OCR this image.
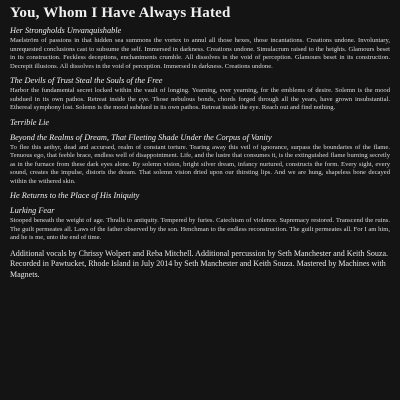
You, Whom I Have Always Hated
Her Strongholds Unvanquishable

Maelström of passions in that hidden sea summons the vortex to annul all those hexes, those incantations. Creations undone. Involuntary, unrequested conclusions cast to subsume the self. Immersed in darkness. Creations undone. Simulacrum raised to the heights. Glamours beset in its construction. Feckless deceptions, enchantments crumble. All dissolves in the void of perception. Glamours beset in its construction. Decrepit illusions. All dissolves in the void of perception. Immersed in darkness. Creations undone.

The Devils of Trust Steal the Souls of the Free

Harbor the fundamental secret locked within the vault of longing. Yearning, ever yearning, for the emblems of desire. Solemn is the mood subdued in its own pathos. Retreat inside the eye. Those nebulous bonds, chords forged through all the years, have grown insubstantial. Ethereal symphony lost. Solemn is the mood subdued in its own pathos. Retreat inside the eye. Reach out and find nothing.

Terrible Lie
Beyond the Realms of Dream, That Fleeting Shade Under the Corpus of Vanity

To flee this aethyr, dead and accursed, realm of constant torture. Tearing away this veil of ignorance, surpass the boundaries of the flame. Tenuous ego, that feeble brace, endless well of disappointment. Life, and the lustre that consumes it, is the extinguished flame burning secretly as in the furnace from these dark eyes alone. By solemn vision, bright silver dream, infancy nurtured, constructs the form. Every sight, every sound, creates the impulse, distorts the dream. That solemn vision dried upon our thirsting lips. And we are hung, shapeless bone decayed within the withered skin.

He Returns to the Place of His Iniquity
Lurking Fear

Stooped beneath the weight of age. Thralls to antiquity. Tempered by furies. Catechism of violence. Supremacy restored. Transcend the ruins. The guilt permeates all. Laws of the father observed by the son. Henchman to the endless reconstruction. The guilt permeates all. For I am him, and he is me, unto the end of time.

Additional vocals by Chrissy Wolpert and Reba Mitchell. Additional percussion by Seth Manchester and Keith Souza. Recorded in Pawtucket, Rhode Island in July 2014 by Seth Manchester and Keith Souza. Mastered by Machines with Magnets.
